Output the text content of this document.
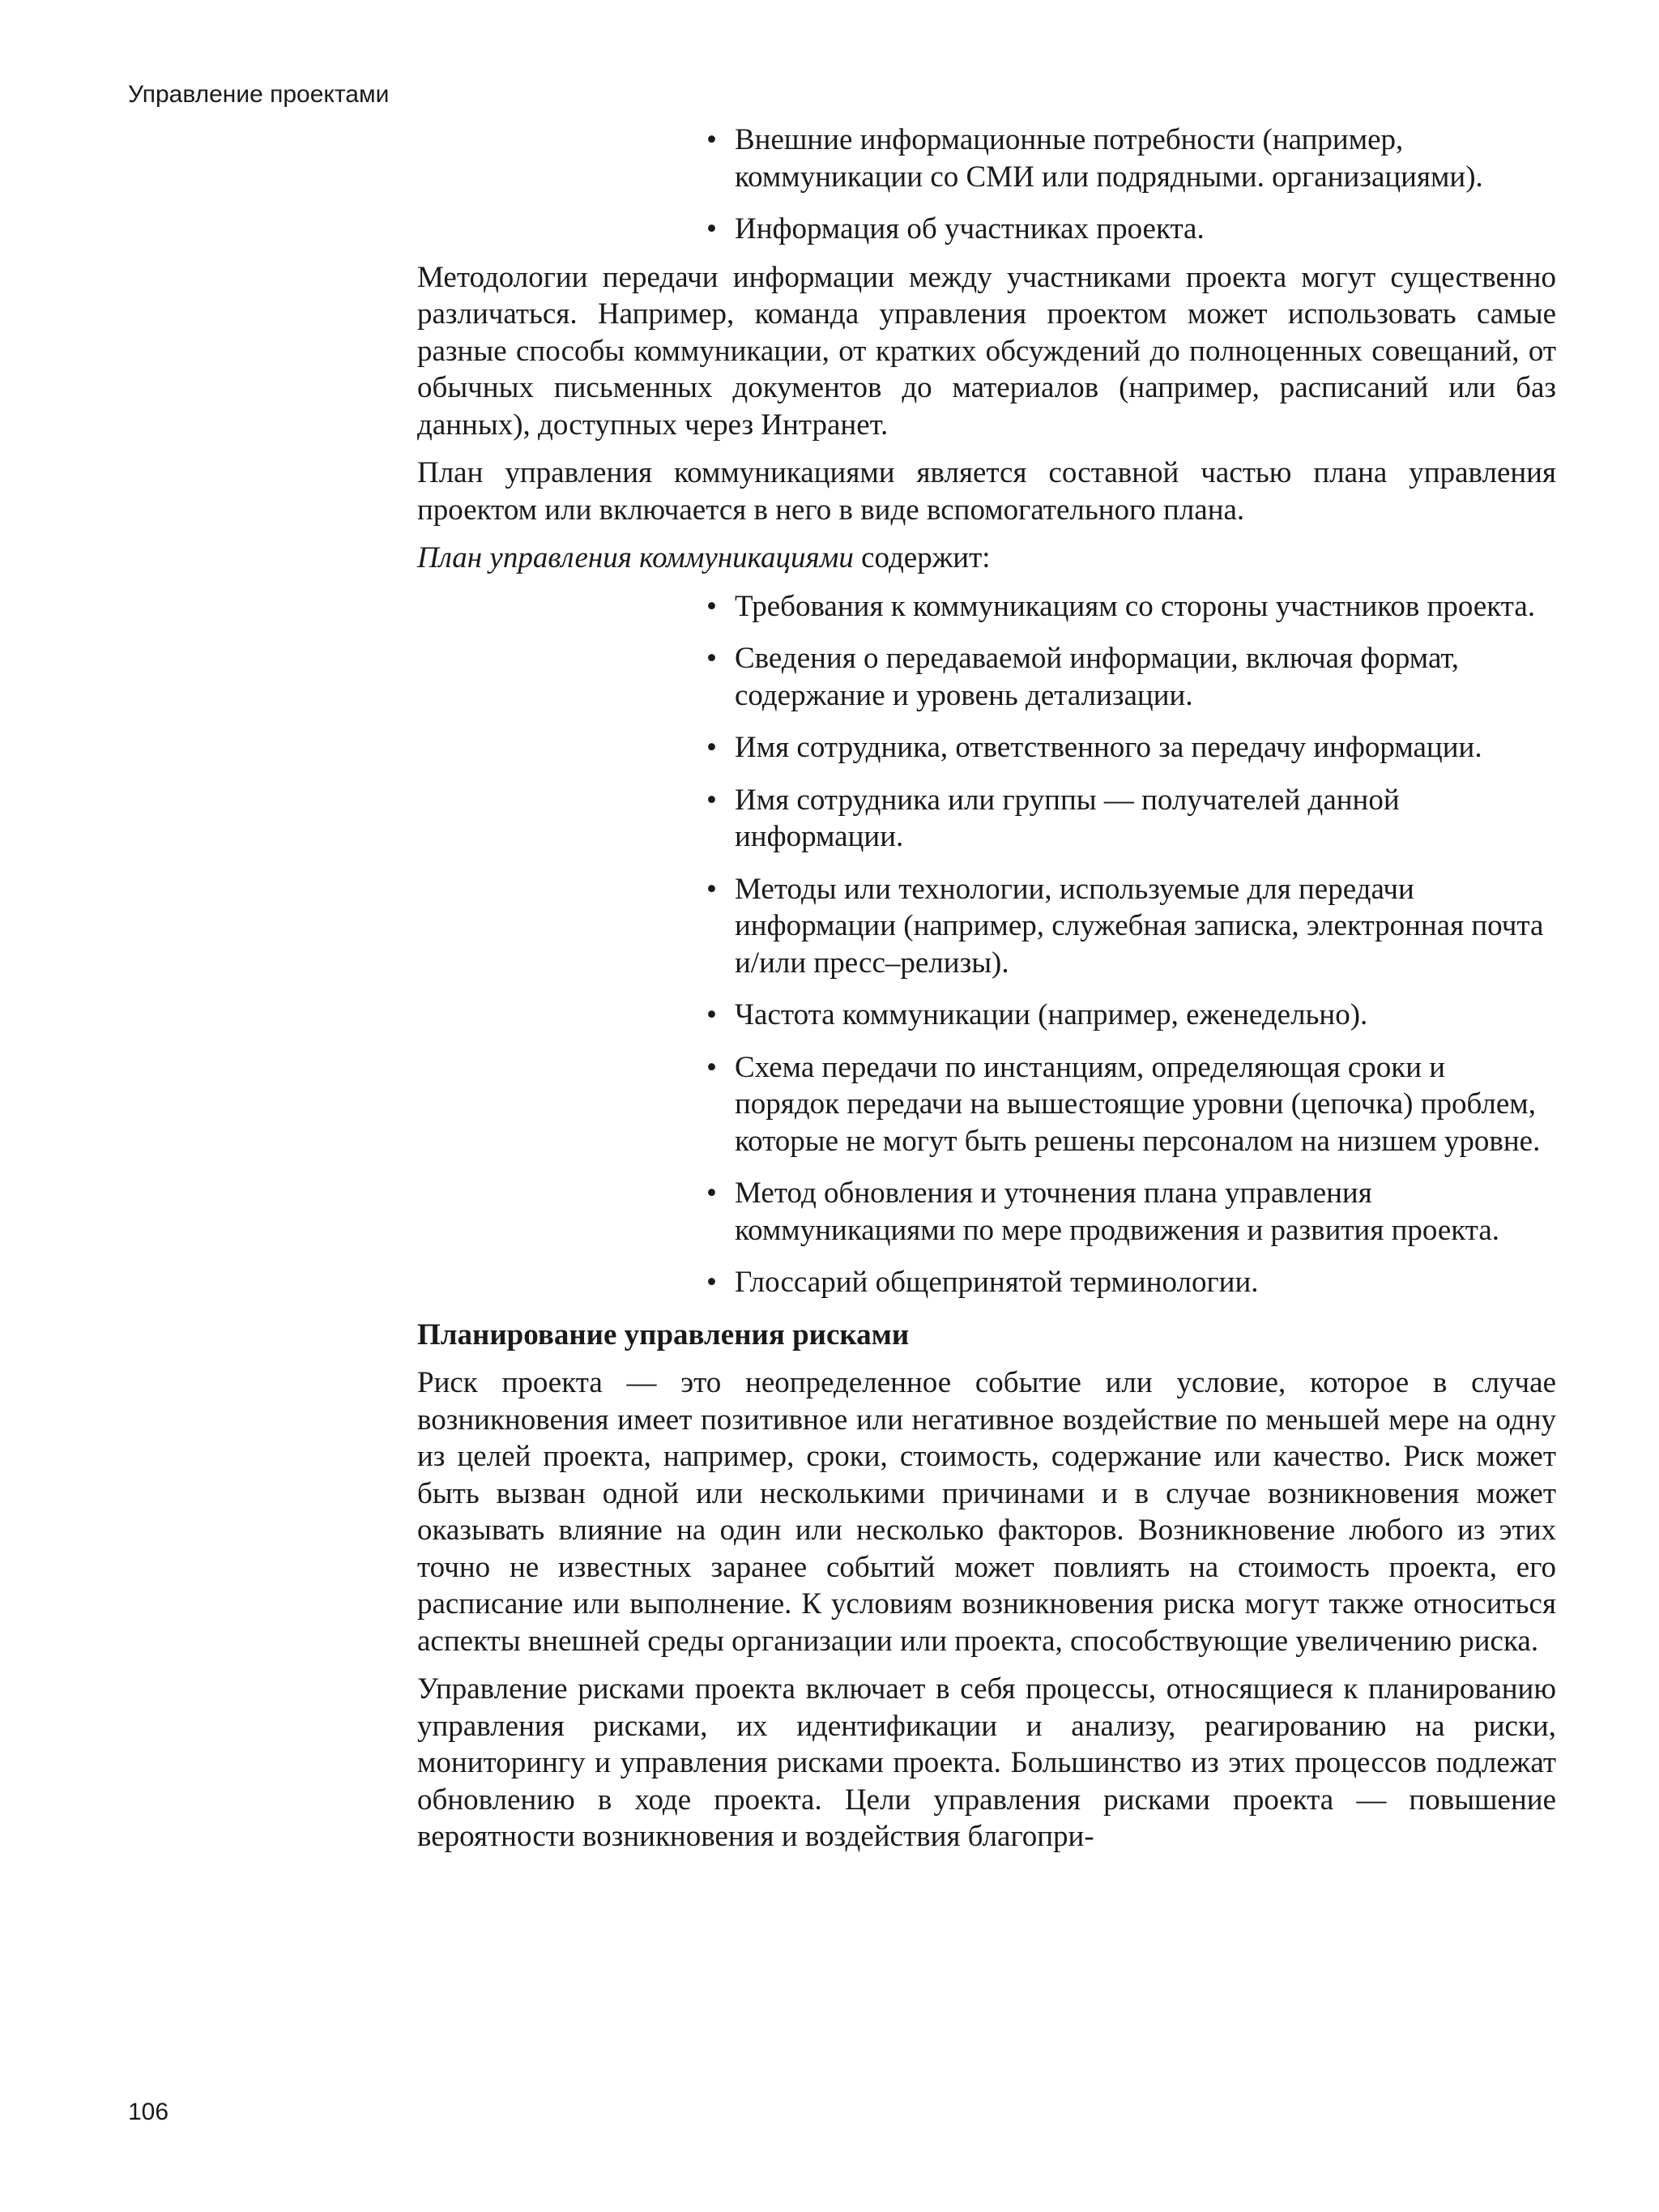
Управление проектами
• Внешние информационные потребности (например, коммуникации со СМИ или подрядными. организациями).
• Информация об участниках проекта.

Методологии передачи информации между участниками проекта могут существенно различаться. Например, команда управления проектом может использовать самые разные способы коммуникации, от кратких обсуждений до полноценных совещаний, от обычных письменных документов до материалов (например, расписаний или баз данных), доступных через Интранет.

План управления коммуникациями является составной частью плана управления проектом или включается в него в виде вспомогательного плана.

План управления коммуникациями содержит:

• Требования к коммуникациям со стороны участников проекта.
• Сведения о передаваемой информации, включая формат, содержание и уровень детализации.
• Имя сотрудника, ответственного за передачу информации.
• Имя сотрудника или группы — получателей данной информации.
• Методы или технологии, используемые для передачи информации (например, служебная записка, электронная почта и/или пресс–релизы).
• Частота коммуникации (например, еженедельно).
• Схема передачи по инстанциям, определяющая сроки и порядок передачи на вышестоящие уровни (цепочка) проблем, которые не могут быть решены персоналом на низшем уровне.
• Метод обновления и уточнения плана управления коммуникациями по мере продвижения и развития проекта.
• Глоссарий общепринятой терминологии.
Планирование управления рисками

Риск проекта — это неопределенное событие или условие, которое в случае возникновения имеет позитивное или негативное воздействие по меньшей мере на одну из целей проекта, например, сроки, стоимость, содержание или качество. Риск может быть вызван одной или несколькими причинами и в случае возникновения может оказывать влияние на один или несколько факторов. Возникновение любого из этих точно не известных заранее событий может повлиять на стоимость проекта, его расписание или выполнение. К условиям возникновения риска могут также относиться аспекты внешней среды организации или проекта, способствующие увеличению риска.

Управление рисками проекта включает в себя процессы, относящиеся к планированию управления рисками, их идентификации и анализу, реагированию на риски, мониторингу и управления рисками проекта. Большинство из этих процессов подлежат обновлению в ходе проекта. Цели управления рисками проекта — повышение вероятности возникновения и воздействия благопри-

106
